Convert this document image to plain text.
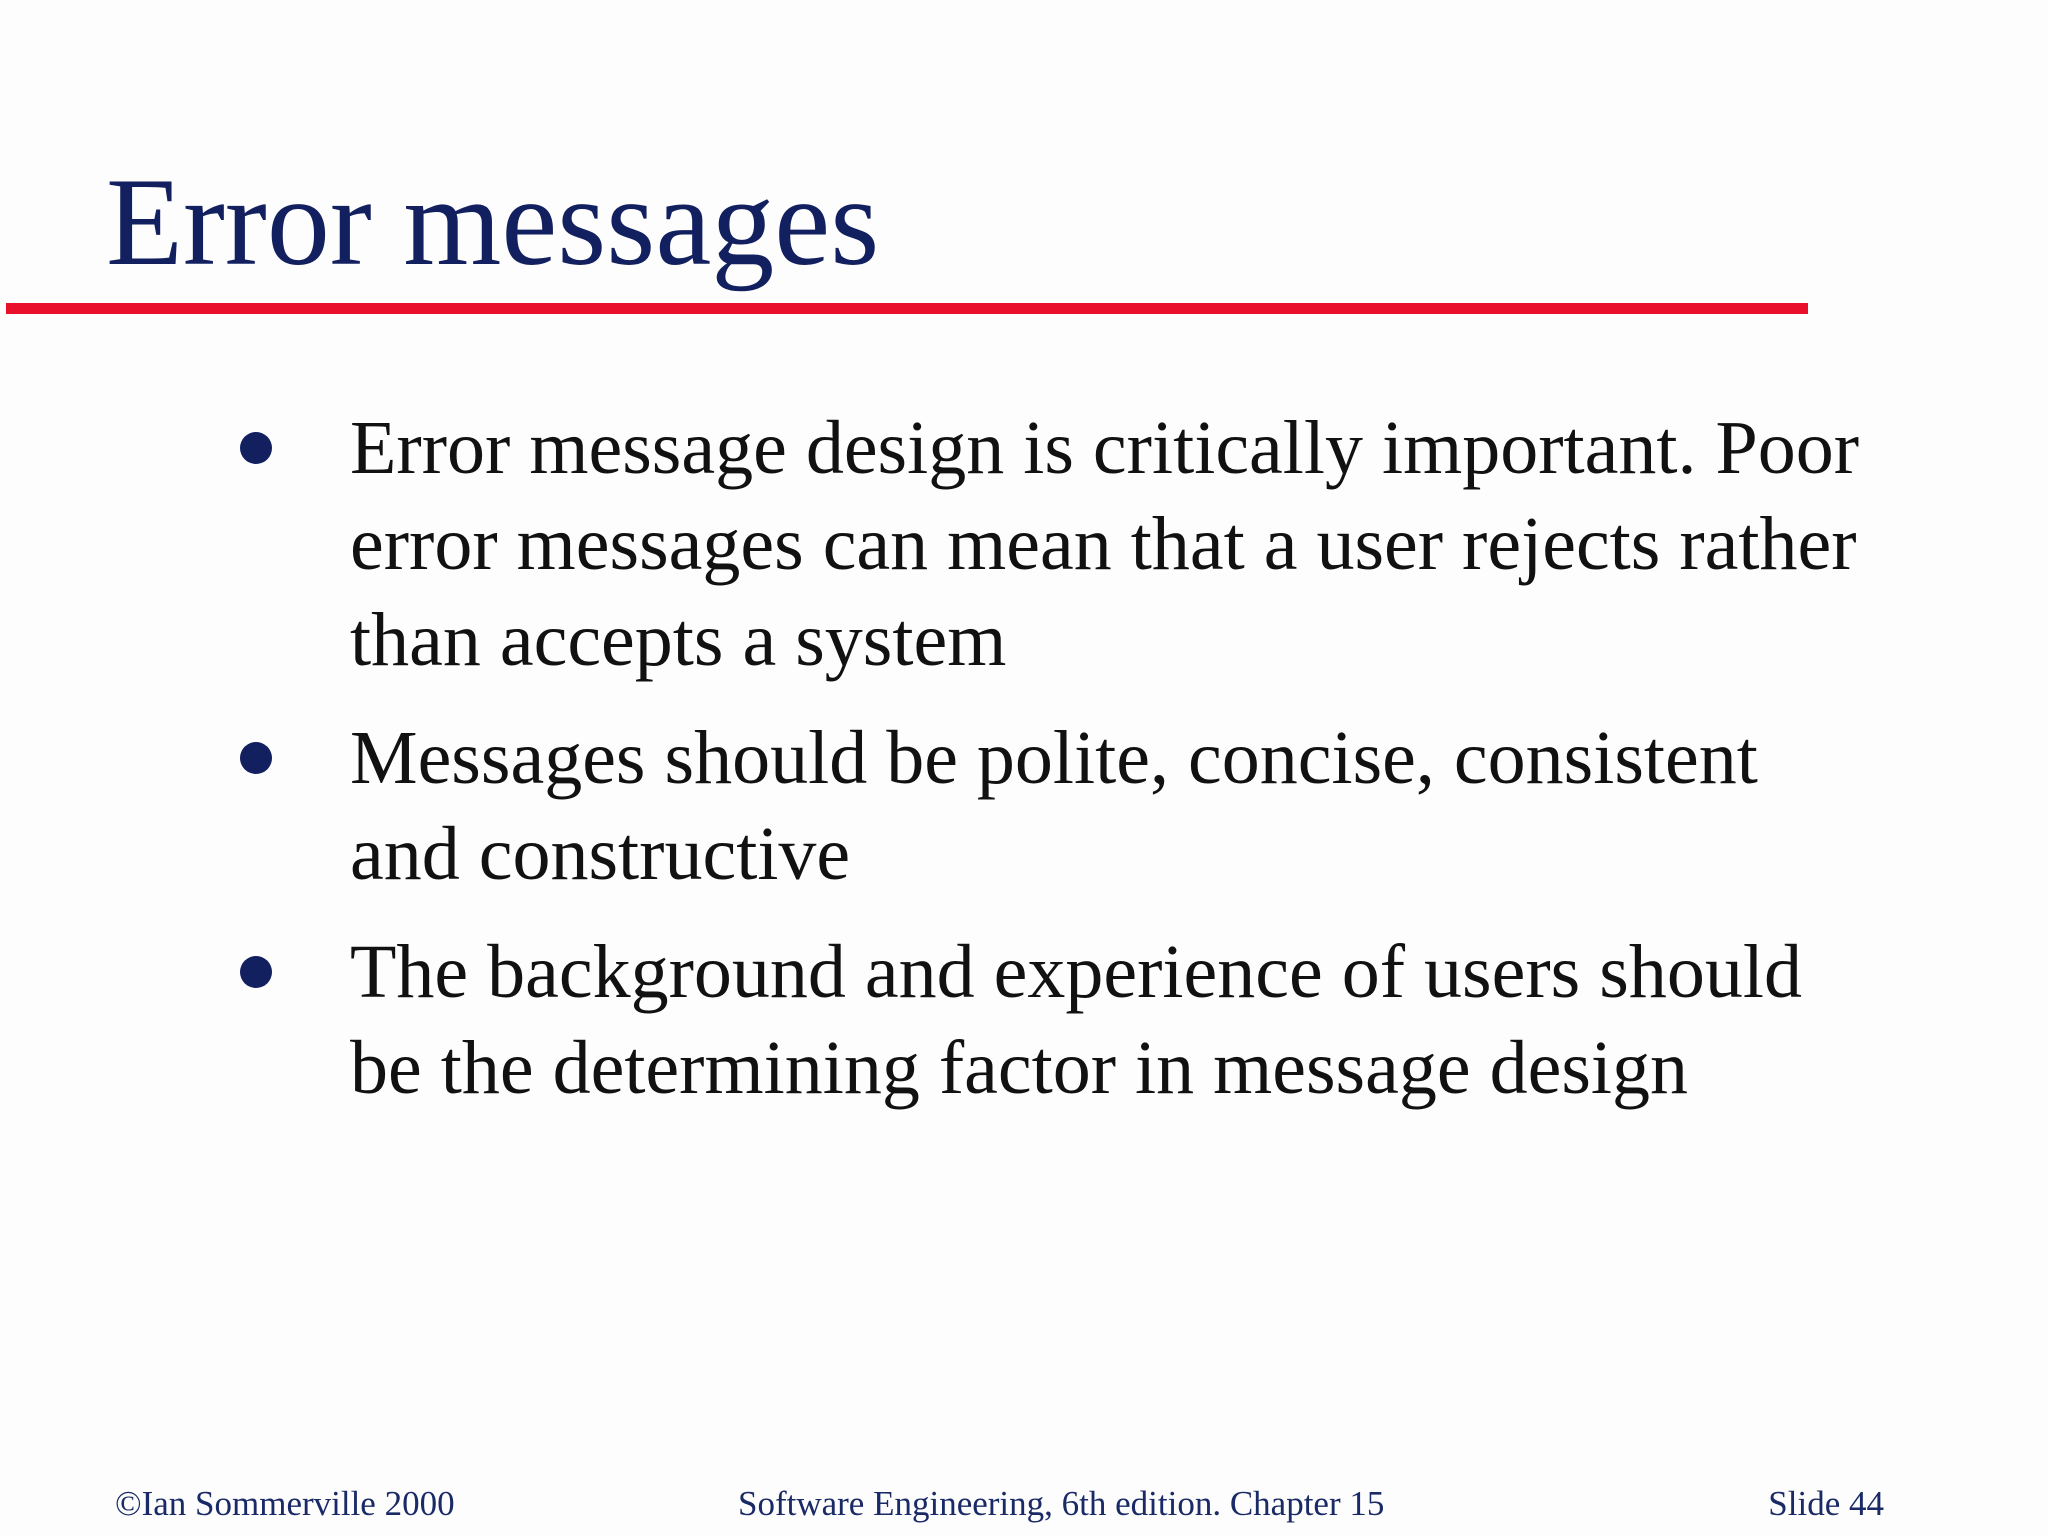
Error messages
Error message design is critically important. Poor error messages can mean that a user rejects rather than accepts a system
Messages should be polite, concise, consistent and constructive
The background and experience of users should be the determining factor in message design
©Ian Sommerville 2000	Software Engineering, 6th edition. Chapter 15	Slide 44
